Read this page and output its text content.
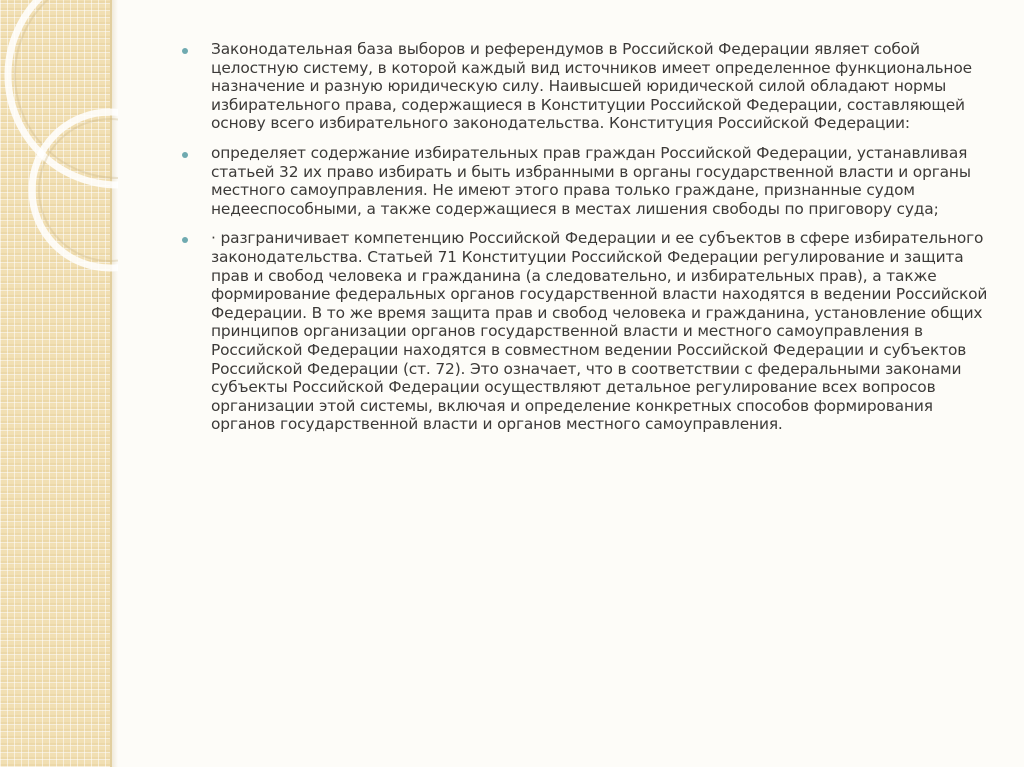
Законодательная база выборов и референдумов в Российской Федерации являет собой целостную систему, в которой каждый вид источников имеет определенное функциональное назначение и разную юридическую силу. Наивысшей юридической силой обладают нормы избирательного права, содержащиеся в Конституции Российской Федерации, составляющей основу всего избирательного законодательства. Конституция Российской Федерации:

определяет содержание избирательных прав граждан Российской Федерации, устанавливая статьей 32 их право избирать и быть избранными в органы государственной власти и органы местного самоуправления. Не имеют этого права только граждане, признанные судом недееспособными, а также содержащиеся в местах лишения свободы по приговору суда;

· разграничивает компетенцию Российской Федерации и ее субъектов в сфере избирательного законодательства. Статьей 71 Конституции Российской Федерации регулирование и защита прав и свобод человека и гражданина (а следовательно, и избирательных прав), а также формирование федеральных органов государственной власти находятся в ведении Российской Федерации. В то же время защита прав и свобод человека и гражданина, установление общих принципов организации органов государственной власти и местного самоуправления в Российской Федерации находятся в совместном ведении Российской Федерации и субъектов Российской Федерации (ст. 72). Это означает, что в соответствии с федеральными законами субъекты Российской Федерации осуществляют детальное регулирование всех вопросов организации этой системы, включая и определение конкретных способов формирования органов государственной власти и органов местного самоуправления.
